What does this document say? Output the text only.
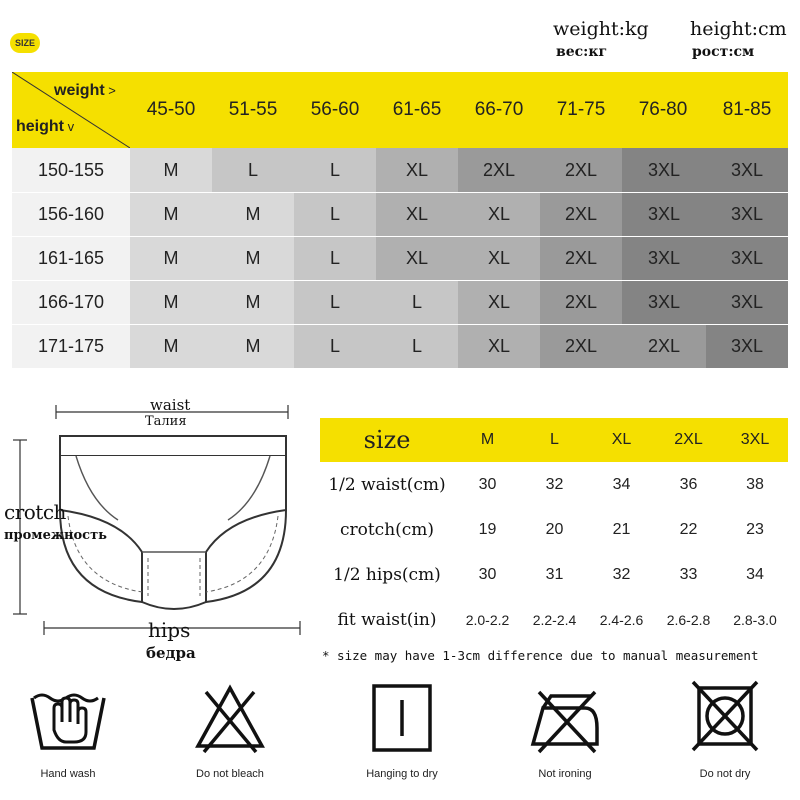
SIZE
weight:kg
вес:кг
height:cm
рост:см
weight >
height v
45-50	51-55	56-60	61-65	66-70	71-75	76-80	81-85
150-155	M	L	L	XL	2XL	2XL	3XL	3XL
156-160	M	M	L	XL	XL	2XL	3XL	3XL
161-165	M	M	L	XL	XL	2XL	3XL	3XL
166-170	M	M	L	L	XL	2XL	3XL	3XL
171-175	M	M	L	L	XL	2XL	2XL	3XL
waist
Талия
crotch
промежность
hips
бедра
size	M	L	XL	2XL	3XL
1/2 waist(cm)	30	32	34	36	38
crotch(cm)	19	20	21	22	23
1/2 hips(cm)	30	31	32	33	34
fit waist(in)	2.0-2.2	2.2-2.4	2.4-2.6	2.6-2.8	2.8-3.0
* size may have 1-3cm difference due to manual measurement
Hand wash	Do not bleach	Hanging to dry	Not ironing	Do not dry
